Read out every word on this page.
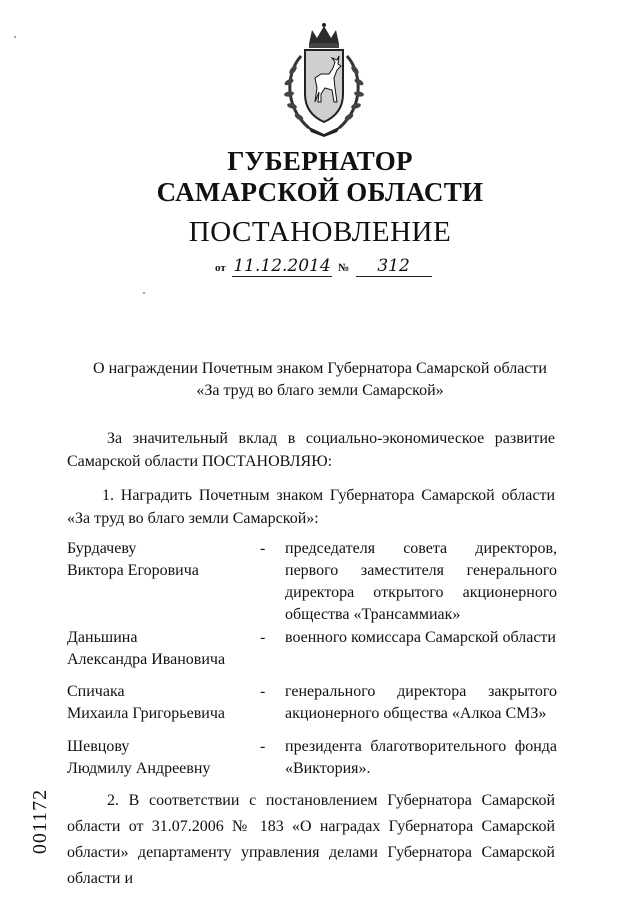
ГУБЕРНАТОР
САМАРСКОЙ ОБЛАСТИ
ПОСТАНОВЛЕНИЕ
от 11.12.2014 № 312
О награждении Почетным знаком Губернатора Самарской области
«За труд во благо земли Самарской»
За значительный вклад в социально-экономическое развитие Самарской области ПОСТАНОВЛЯЮ:
1. Наградить Почетным знаком Губернатора Самарской области «За труд во благо земли Самарской»:
Бурдачеву
Виктора Егоровича
- председателя совета директоров, первого заместителя генерального директора открытого акционерного общества «Трансаммиак»
Даньшина
Александра Ивановича
- военного комиссара Самарской области
Спичака
Михаила Григорьевича
- генерального директора закрытого акционерного общества «Алкоа СМЗ»
Шевцову
Людмилу Андреевну
- президента благотворительного фонда «Виктория».
2. В соответствии с постановлением Губернатора Самарской области от 31.07.2006 № 183 «О наградах Губернатора Самарской области» департаменту управления делами Губернатора Самарской области и
001172
